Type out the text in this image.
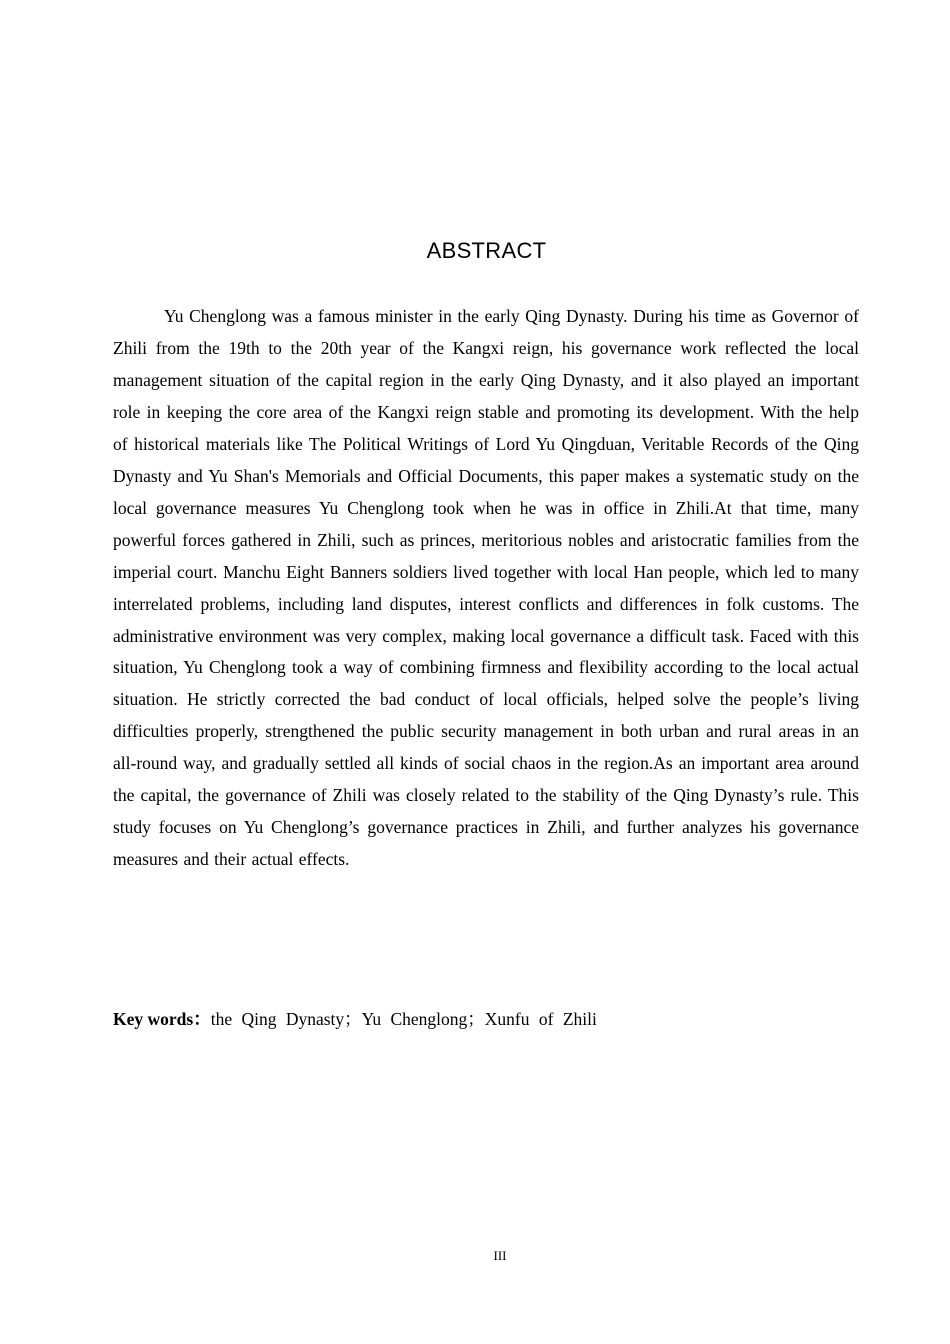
ABSTRACT

Yu Chenglong was a famous minister in the early Qing Dynasty. During his time as Governor of Zhili from the 19th to the 20th year of the Kangxi reign, his governance work reflected the local management situation of the capital region in the early Qing Dynasty, and it also played an important role in keeping the core area of the Kangxi reign stable and promoting its development. With the help of historical materials like The Political Writings of Lord Yu Qingduan, Veritable Records of the Qing Dynasty and Yu Shan's Memorials and Official Documents, this paper makes a systematic study on the local governance measures Yu Chenglong took when he was in office in Zhili.At that time, many powerful forces gathered in Zhili, such as princes, meritorious nobles and aristocratic families from the imperial court. Manchu Eight Banners soldiers lived together with local Han people, which led to many interrelated problems, including land disputes, interest conflicts and differences in folk customs. The administrative environment was very complex, making local governance a difficult task. Faced with this situation, Yu Chenglong took a way of combining firmness and flexibility according to the local actual situation. He strictly corrected the bad conduct of local officials, helped solve the people’s living difficulties properly, strengthened the public security management in both urban and rural areas in an all-round way, and gradually settled all kinds of social chaos in the region.As an important area around the capital, the governance of Zhili was closely related to the stability of the Qing Dynasty’s rule. This study focuses on Yu Chenglong’s governance practices in Zhili, and further analyzes his governance measures and their actual effects.

Key words：the Qing Dynasty；Yu Chenglong；Xunfu of Zhili

III
